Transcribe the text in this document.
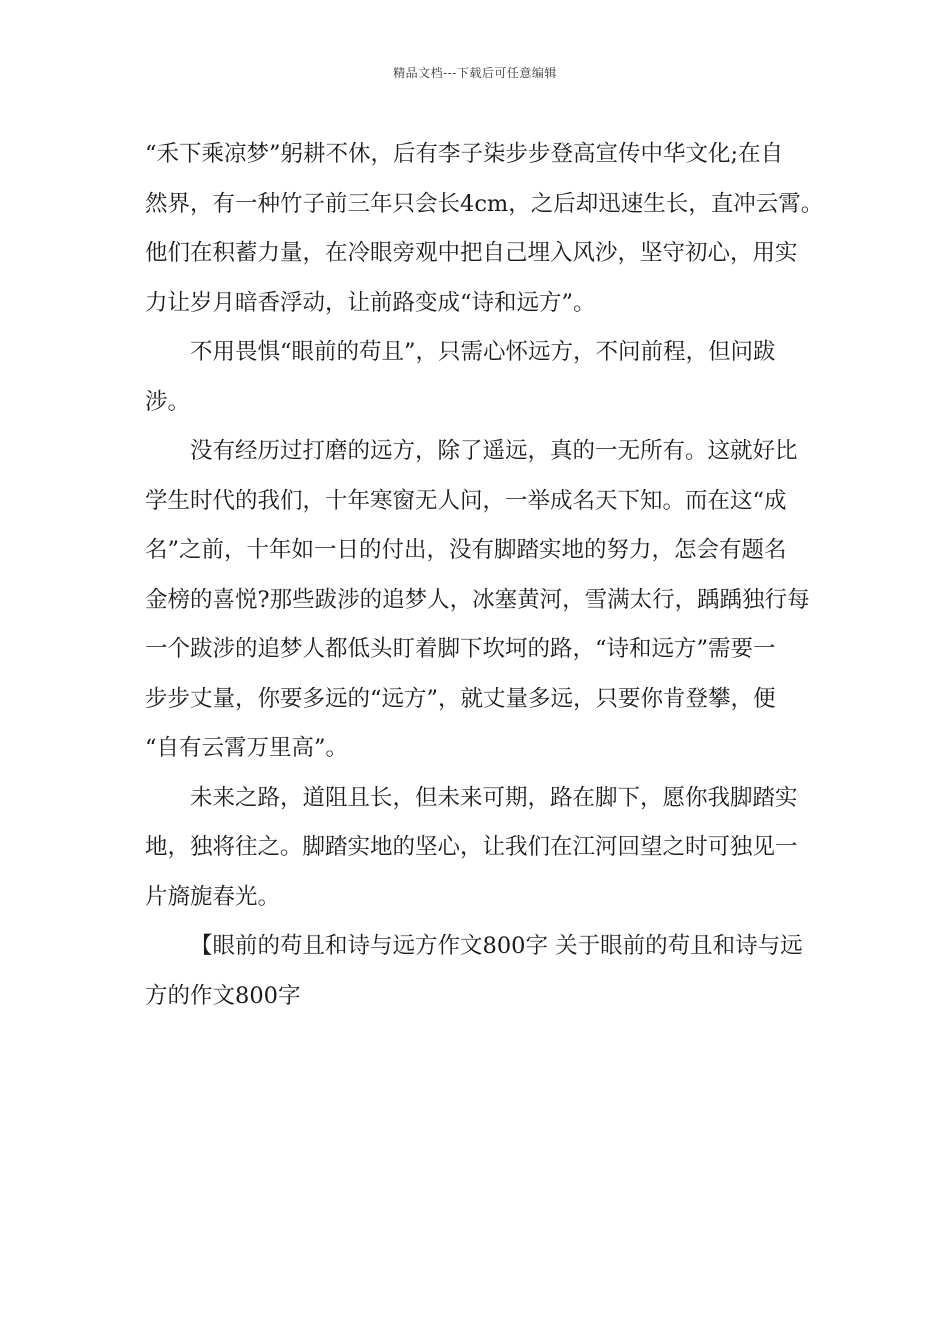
精品文档---下载后可任意编辑

“禾下乘凉梦”躬耕不休，后有李子柒步步登高宣传中华文化;在自
然界，有一种竹子前三年只会长4cm，之后却迅速生长，直冲云霄。
他们在积蓄力量，在冷眼旁观中把自己埋入风沙，坚守初心，用实
力让岁月暗香浮动，让前路变成“诗和远方”。

不用畏惧“眼前的苟且”，只需心怀远方，不问前程，但问跋
涉。

没有经历过打磨的远方，除了遥远，真的一无所有。这就好比
学生时代的我们，十年寒窗无人问，一举成名天下知。而在这“成
名”之前，十年如一日的付出，没有脚踏实地的努力，怎会有题名
金榜的喜悦?那些跋涉的追梦人，冰塞黄河，雪满太行，踽踽独行每
一个跋涉的追梦人都低头盯着脚下坎坷的路，“诗和远方”需要一
步步丈量，你要多远的“远方”，就丈量多远，只要你肯登攀，便
“自有云霄万里高”。

未来之路，道阻且长，但未来可期，路在脚下，愿你我脚踏实
地，独将往之。脚踏实地的坚心，让我们在江河回望之时可独见一
片旖旎春光。

【眼前的苟且和诗与远方作文800字 关于眼前的苟且和诗与远
方的作文800字
